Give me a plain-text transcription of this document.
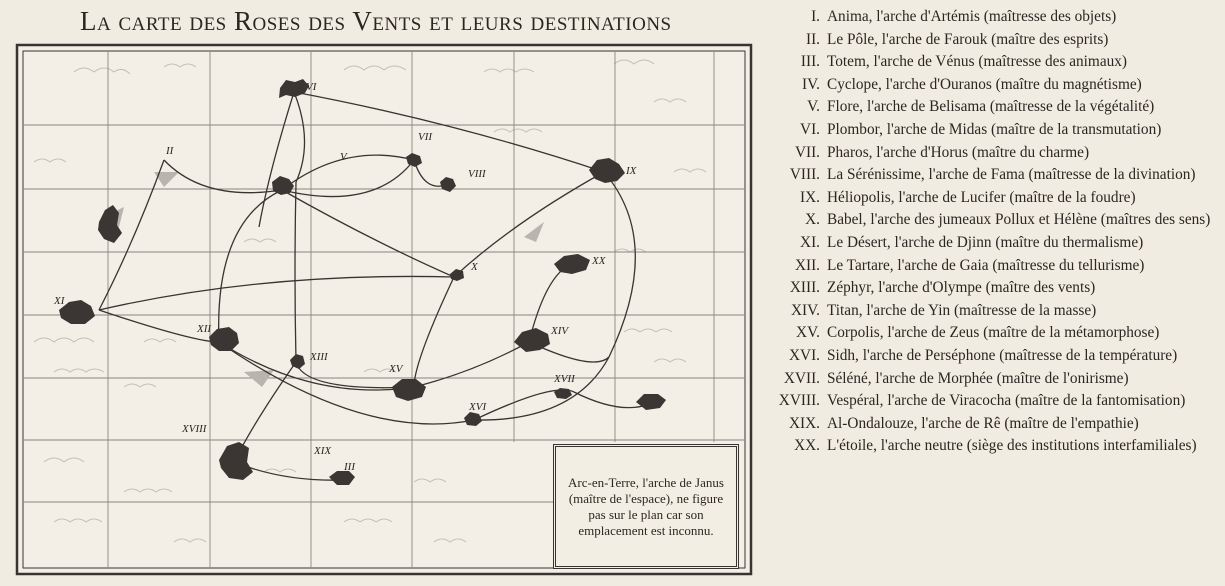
La carte des Roses des Vents et leurs destinations
VI
II	V
VII
VIII	IX
X	XX
XI
XII
XIII
XIV
XV
XVI
XVII
XVIII
XIX
III
Arc-en-Terre, l'arche de Janus (maître de l'espace), ne figure pas sur le plan car son emplacement est inconnu.
I. Anima, l'arche d'Artémis (maîtresse des objets)
II. Le Pôle, l'arche de Farouk (maître des esprits)
III. Totem, l'arche de Vénus (maîtresse des animaux)
IV. Cyclope, l'arche d'Ouranos (maître du magnétisme)
V. Flore, l'arche de Belisama (maîtresse de la végétalité)
VI. Plombor, l'arche de Midas (maître de la transmutation)
VII. Pharos, l'arche d'Horus (maître du charme)
VIII. La Sérénissime, l'arche de Fama (maîtresse de la divination)
IX. Héliopolis, l'arche de Lucifer (maître de la foudre)
X. Babel, l'arche des jumeaux Pollux et Hélène (maîtres des sens)
XI. Le Désert, l'arche de Djinn (maître du thermalisme)
XII. Le Tartare, l'arche de Gaia (maîtresse du tellurisme)
XIII. Zéphyr, l'arche d'Olympe (maître des vents)
XIV. Titan, l'arche de Yin (maîtresse de la masse)
XV. Corpolis, l'arche de Zeus (maître de la métamorphose)
XVI. Sidh, l'arche de Perséphone (maîtresse de la température)
XVII. Séléné, l'arche de Morphée (maître de l'onirisme)
XVIII. Vespéral, l'arche de Viracocha (maître de la fantomisation)
XIX. Al-Ondalouze, l'arche de Rê (maître de l'empathie)
XX. L'étoile, l'arche neutre (siège des institutions interfamiliales)
